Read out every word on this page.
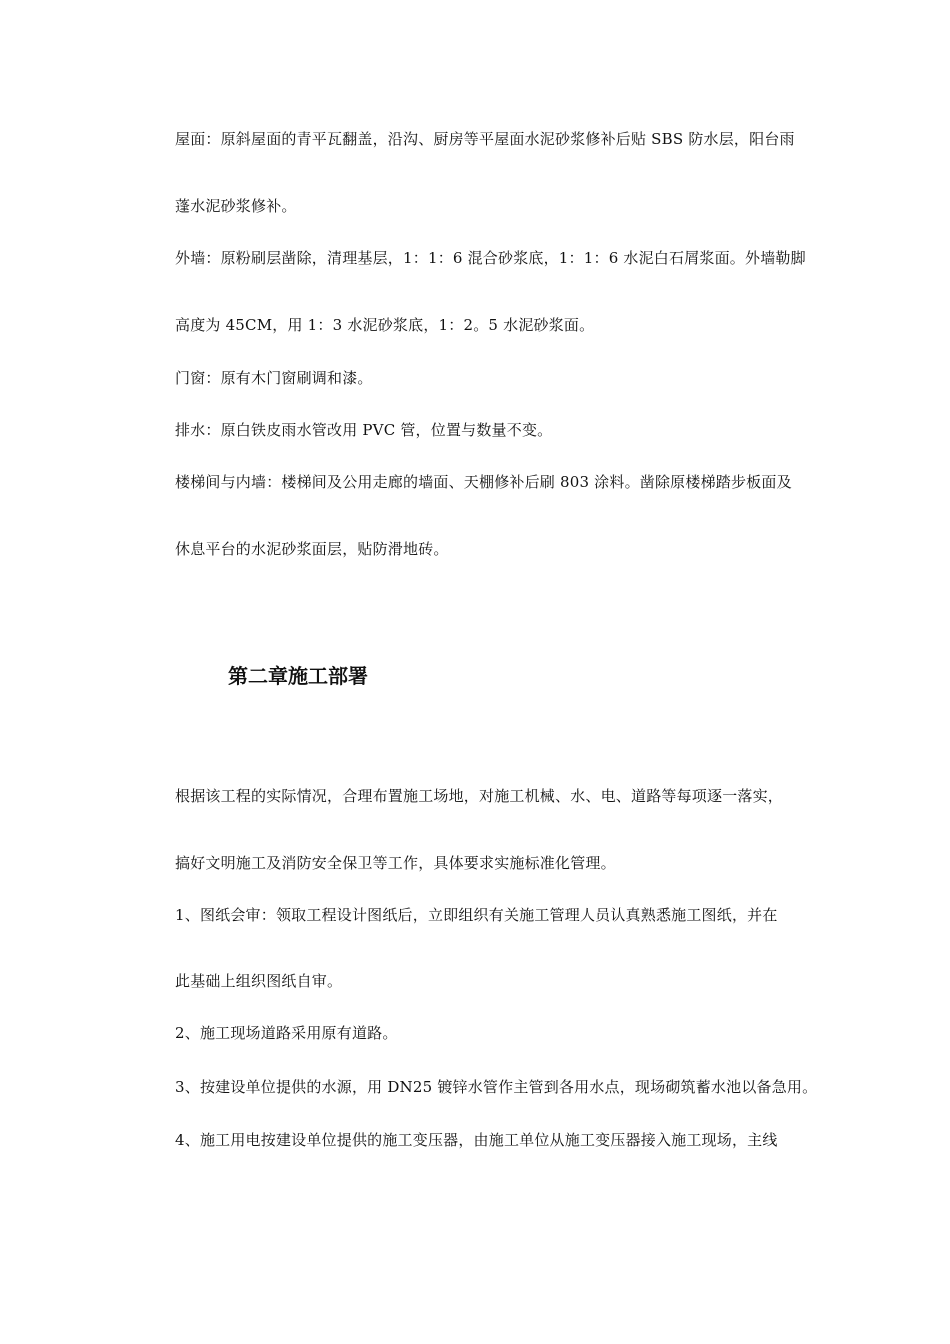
屋面：原斜屋面的青平瓦翻盖，沿沟、厨房等平屋面水泥砂浆修补后贴 SBS 防水层，阳台雨
蓬水泥砂浆修补。
外墙：原粉刷层凿除，清理基层，1：1：6 混合砂浆底，1：1：6 水泥白石屑浆面。外墙勒脚
高度为 45CM，用 1：3 水泥砂浆底，1：2。5 水泥砂浆面。
门窗：原有木门窗刷调和漆。
排水：原白铁皮雨水管改用 PVC 管，位置与数量不变。
楼梯间与内墙：楼梯间及公用走廊的墙面、天棚修补后刷 803 涂料。凿除原楼梯踏步板面及
休息平台的水泥砂浆面层，贴防滑地砖。
第二章施工部署
根据该工程的实际情况，合理布置施工场地，对施工机械、水、电、道路等每项逐一落实，
搞好文明施工及消防安全保卫等工作，具体要求实施标准化管理。
1、图纸会审：领取工程设计图纸后，立即组织有关施工管理人员认真熟悉施工图纸，并在
此基础上组织图纸自审。
2、施工现场道路采用原有道路。
3、按建设单位提供的水源，用 DN25 镀锌水管作主管到各用水点，现场砌筑蓄水池以备急用。
4、施工用电按建设单位提供的施工变压器，由施工单位从施工变压器接入施工现场，主线
